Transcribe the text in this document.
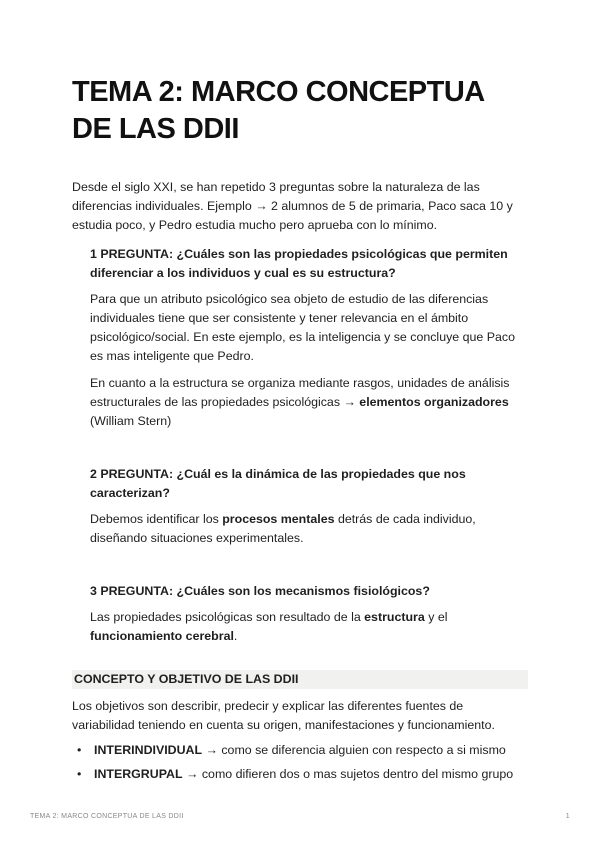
TEMA 2: MARCO CONCEPTUA DE LAS DDII

Desde el siglo XXI, se han repetido 3 preguntas sobre la naturaleza de las diferencias individuales. Ejemplo → 2 alumnos de 5 de primaria, Paco saca 10 y estudia poco, y Pedro estudia mucho pero aprueba con lo mínimo.

1 PREGUNTA: ¿Cuáles son las propiedades psicológicas que permiten diferenciar a los individuos y cual es su estructura?

Para que un atributo psicológico sea objeto de estudio de las diferencias individuales tiene que ser consistente y tener relevancia en el ámbito psicológico/social. En este ejemplo, es la inteligencia y se concluye que Paco es mas inteligente que Pedro.

En cuanto a la estructura se organiza mediante rasgos, unidades de análisis estructurales de las propiedades psicológicas → elementos organizadores (William Stern)

2 PREGUNTA: ¿Cuál es la dinámica de las propiedades que nos caracterizan?

Debemos identificar los procesos mentales detrás de cada individuo, diseñando situaciones experimentales.

3 PREGUNTA: ¿Cuáles son los mecanismos fisiológicos?

Las propiedades psicológicas son resultado de la estructura y el funcionamiento cerebral.

CONCEPTO Y OBJETIVO DE LAS DDII

Los objetivos son describir, predecir y explicar las diferentes fuentes de variabilidad teniendo en cuenta su origen, manifestaciones y funcionamiento.

• INTERINDIVIDUAL → como se diferencia alguien con respecto a si mismo
• INTERGRUPAL → como difieren dos o mas sujetos dentro del mismo grupo
TEMA 2: MARCO CONCEPTUA DE LAS DDII	1
